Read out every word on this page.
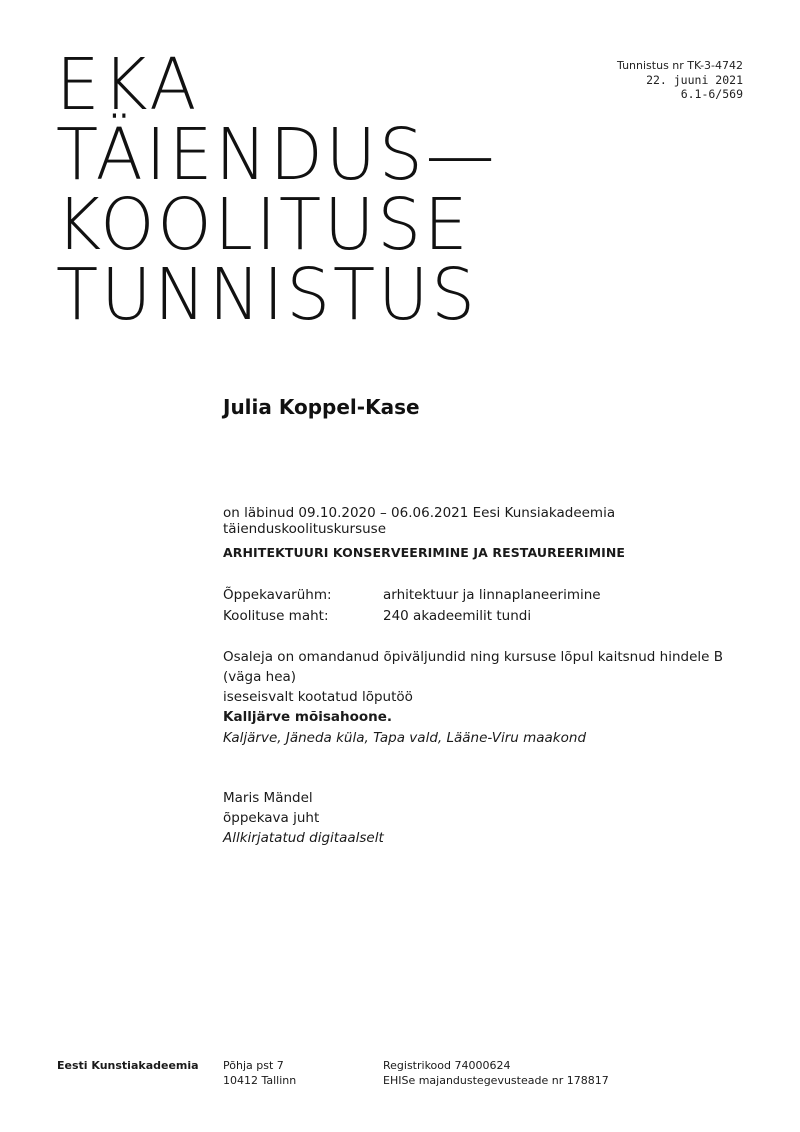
EKA
TÄIENDUS—
KOOLITUSE
TUNNISTUS
Tunnistus nr TK-3-4742
22. juuni 2021
6.1-6/569
Julia Koppel-Kase
on läbinud 09.10.2020 – 06.06.2021 Eesi Kunsiakadeemia täienduskoolituskursuse
ARHITEKTUURI KONSERVEERIMINE JA RESTAUREERIMINE
Õppekavarühm:	arhitektuur ja linnaplaneerimine
Koolituse maht:	240 akadeemilit tundi
Osaleja on omandanud õpiväljundid ning kursuse lõpul kaitsnud hindele B (väga hea)
iseseisvalt kootatud lõputöö
Kalljärve mõisahoone.
Kaljärve, Jäneda küla, Tapa vald, Lääne-Viru maakond
Maris Mändel
õppekava juht
Allkirjatatud digitaalselt
Eesti Kunstiakadeemia Põhja pst 7
10412 Tallinn
Registrikood 74000624
EHISe majandustegevusteade nr 178817
